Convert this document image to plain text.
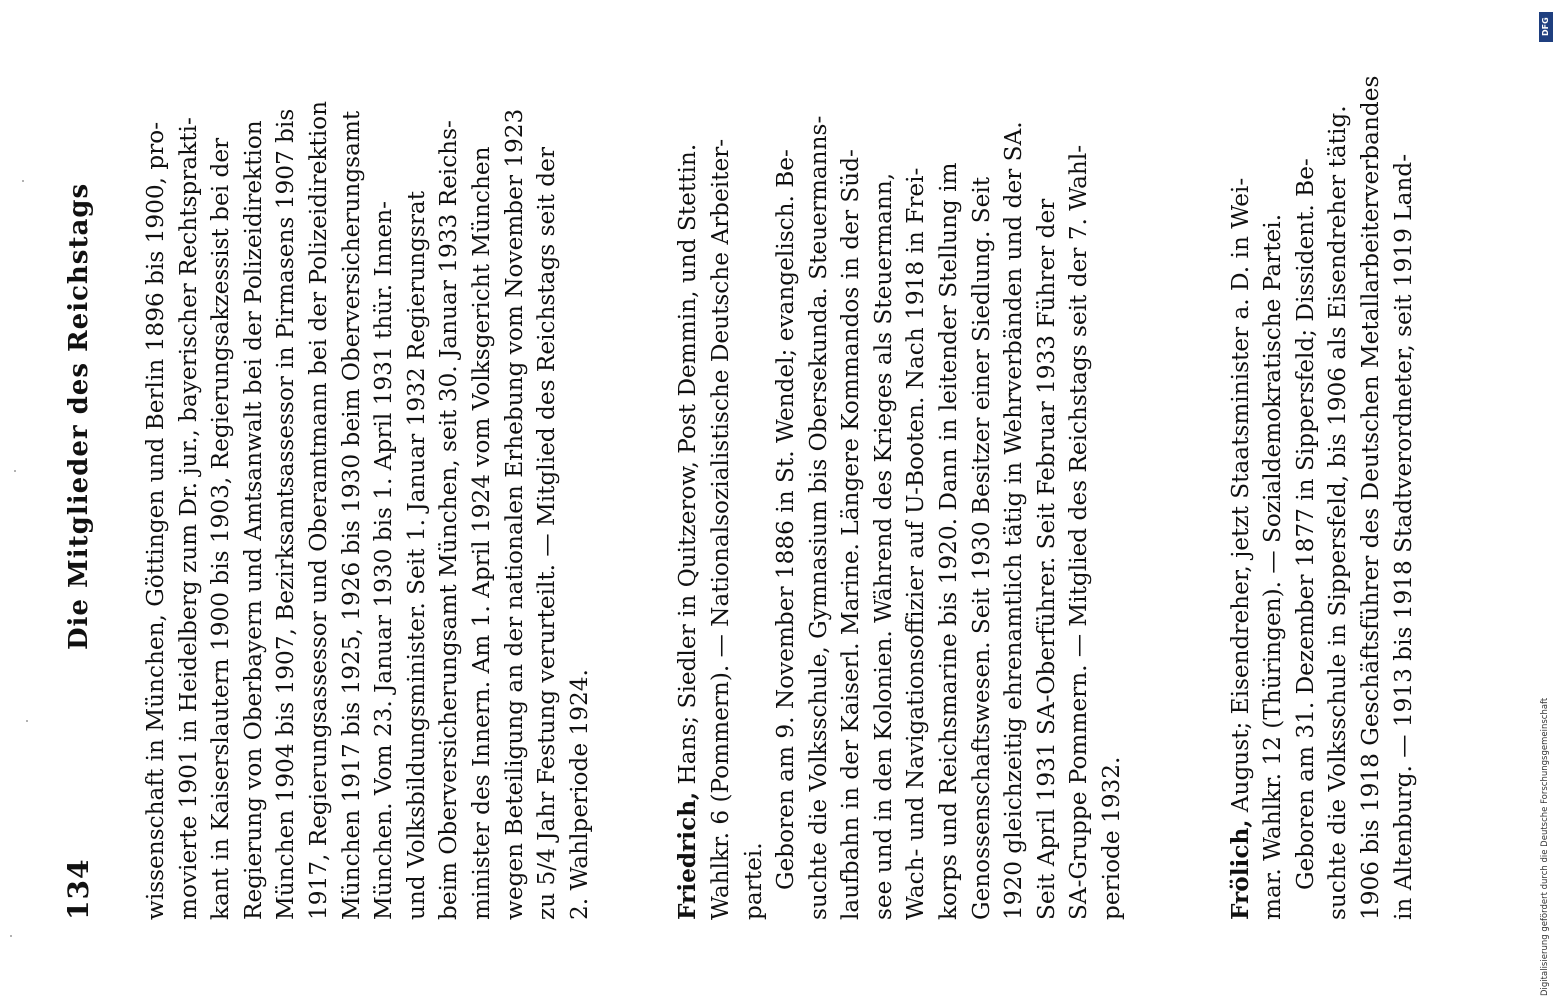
134
Die Mitglieder des Reichstags wissenschaft in München, Göttingen und Berlin 1896 bis 1900, pro- movierte 1901 in Heidelberg zum Dr. jur., bayerischer Rechtsprakti- kant in Kaiserslautern 1900 bis 1903, Regierungsakzessist bei der Regierung von Oberbayern und Amtsanwalt bei der Polizeidirektion München 1904 bis 1907, Bezirksamtsassessor in Pirmasens 1907 bis 1917, Regierungsassessor und Oberamtmann bei der Polizeidirektion München 1917 bis 1925, 1926 bis 1930 beim Oberversicherungsamt München. Vom 23. Januar 1930 bis 1. April 1931 thür. Innen- und Volksbildungsminister. Seit 1. Januar 1932 Regierungsrat beim Oberversicherungsamt München, seit 30. Januar 1933 Reichs- minister des Innern. Am 1. April 1924 vom Volksgericht München wegen Beteiligung an der nationalen Erhebung vom November 1923 zu 5/4 Jahr Festung verurteilt. — Mitglied des Reichstags seit der 2. Wahlperiode 1924.	Friedrich, Hans; Siedler in Quitzerow, Post Demmin, und Stettin. Wahlkr. 6 (Pommern). — Nationalsozialistische Deutsche Arbeiter- partei. Geboren am 9. November 1886 in St. Wendel; evangelisch. Be- suchte die Volksschule, Gymnasium bis Obersekunda. Steuermanns- laufbahn in der Kaiserl. Marine. Längere Kommandos in der Süd- see und in den Kolonien. Während des Krieges als Steuermann, Wach- und Navigationsoffizier auf U-Booten. Nach 1918 in Frei- korps und Reichsmarine bis 1920. Dann in leitender Stellung im Genossenschaftswesen. Seit 1930 Besitzer einer Siedlung. Seit 1920 gleichzeitig ehrenamtlich tätig in Wehrverbänden und der SA. Seit April 1931 SA-Oberführer. Seit Februar 1933 Führer der SA-Gruppe Pommern. — Mitglied des Reichstags seit der 7. Wahl- periode 1932.	Frölich, August; Eisendreher, jetzt Staatsminister a. D. in Wei- mar. Wahlkr. 12 (Thüringen). — Sozialdemokratische Partei. Geboren am 31. Dezember 1877 in Sippersfeld; Dissident. Be- suchte die Volksschule in Sippersfeld, bis 1906 als Eisendreher tätig. 1906 bis 1918 Geschäftsführer des Deutschen Metallarbeiterverbandes in Altenburg. — 1913 bis 1918 Stadtverordneter, seit 1919 Land-
DFG
Digitalisierung gefördert durch die Deutsche Forschungsgemeinschaft
